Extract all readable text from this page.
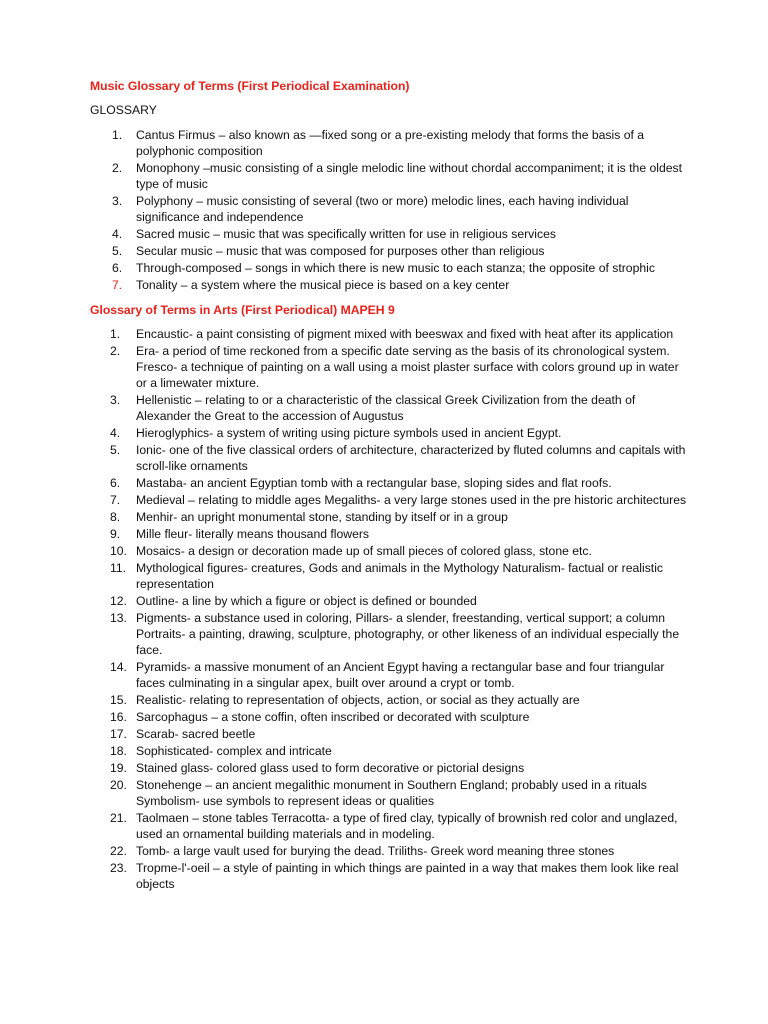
Music Glossary of Terms (First Periodical Examination)
GLOSSARY
1.	Cantus Firmus – also known as —fixed song or a pre-existing melody that forms the basis of a polyphonic composition
2.	Monophony –music consisting of a single melodic line without chordal accompaniment; it is the oldest type of music
3.	Polyphony – music consisting of several (two or more) melodic lines, each having individual significance and independence
4.	Sacred music – music that was specifically written for use in religious services
5.	Secular music – music that was composed for purposes other than religious
6.	Through-composed – songs in which there is new music to each stanza; the opposite of strophic
7.	Tonality – a system where the musical piece is based on a key center
Glossary of Terms in Arts (First Periodical) MAPEH 9
1.	Encaustic- a paint consisting of pigment mixed with beeswax and fixed with heat after its application
2.	Era- a period of time reckoned from a specific date serving as the basis of its chronological system. Fresco- a technique of painting on a wall using a moist plaster surface with colors ground up in water or a limewater mixture.
3.	Hellenistic – relating to or a characteristic of the classical Greek Civilization from the death of Alexander the Great to the accession of Augustus
4.	Hieroglyphics- a system of writing using picture symbols used in ancient Egypt.
5.	Ionic- one of the five classical orders of architecture, characterized by fluted columns and capitals with scroll-like ornaments
6.	Mastaba- an ancient Egyptian tomb with a rectangular base, sloping sides and flat roofs.
7.	Medieval – relating to middle ages Megaliths- a very large stones used in the pre historic architectures
8.	Menhir- an upright monumental stone, standing by itself or in a group
9.	Mille fleur- literally means thousand flowers
10. Mosaics- a design or decoration made up of small pieces of colored glass, stone etc.
11. Mythological figures- creatures, Gods and animals in the Mythology Naturalism- factual or realistic representation
12. Outline- a line by which a figure or object is defined or bounded
13. Pigments- a substance used in coloring, Pillars- a slender, freestanding, vertical support; a column Portraits- a painting, drawing, sculpture, photography, or other likeness of an individual especially the face.
14. Pyramids- a massive monument of an Ancient Egypt having a rectangular base and four triangular faces culminating in a singular apex, built over around a crypt or tomb.
15. Realistic- relating to representation of objects, action, or social as they actually are
16. Sarcophagus – a stone coffin, often inscribed or decorated with sculpture
17. Scarab- sacred beetle
18. Sophisticated- complex and intricate
19. Stained glass- colored glass used to form decorative or pictorial designs
20. Stonehenge – an ancient megalithic monument in Southern England; probably used in a rituals Symbolism- use symbols to represent ideas or qualities
21. Taolmaen – stone tables Terracotta- a type of fired clay, typically of brownish red color and unglazed, used an ornamental building materials and in modeling.
22. Tomb- a large vault used for burying the dead. Triliths- Greek word meaning three stones
23. Tropme-l'-oeil – a style of painting in which things are painted in a way that makes them look like real objects
